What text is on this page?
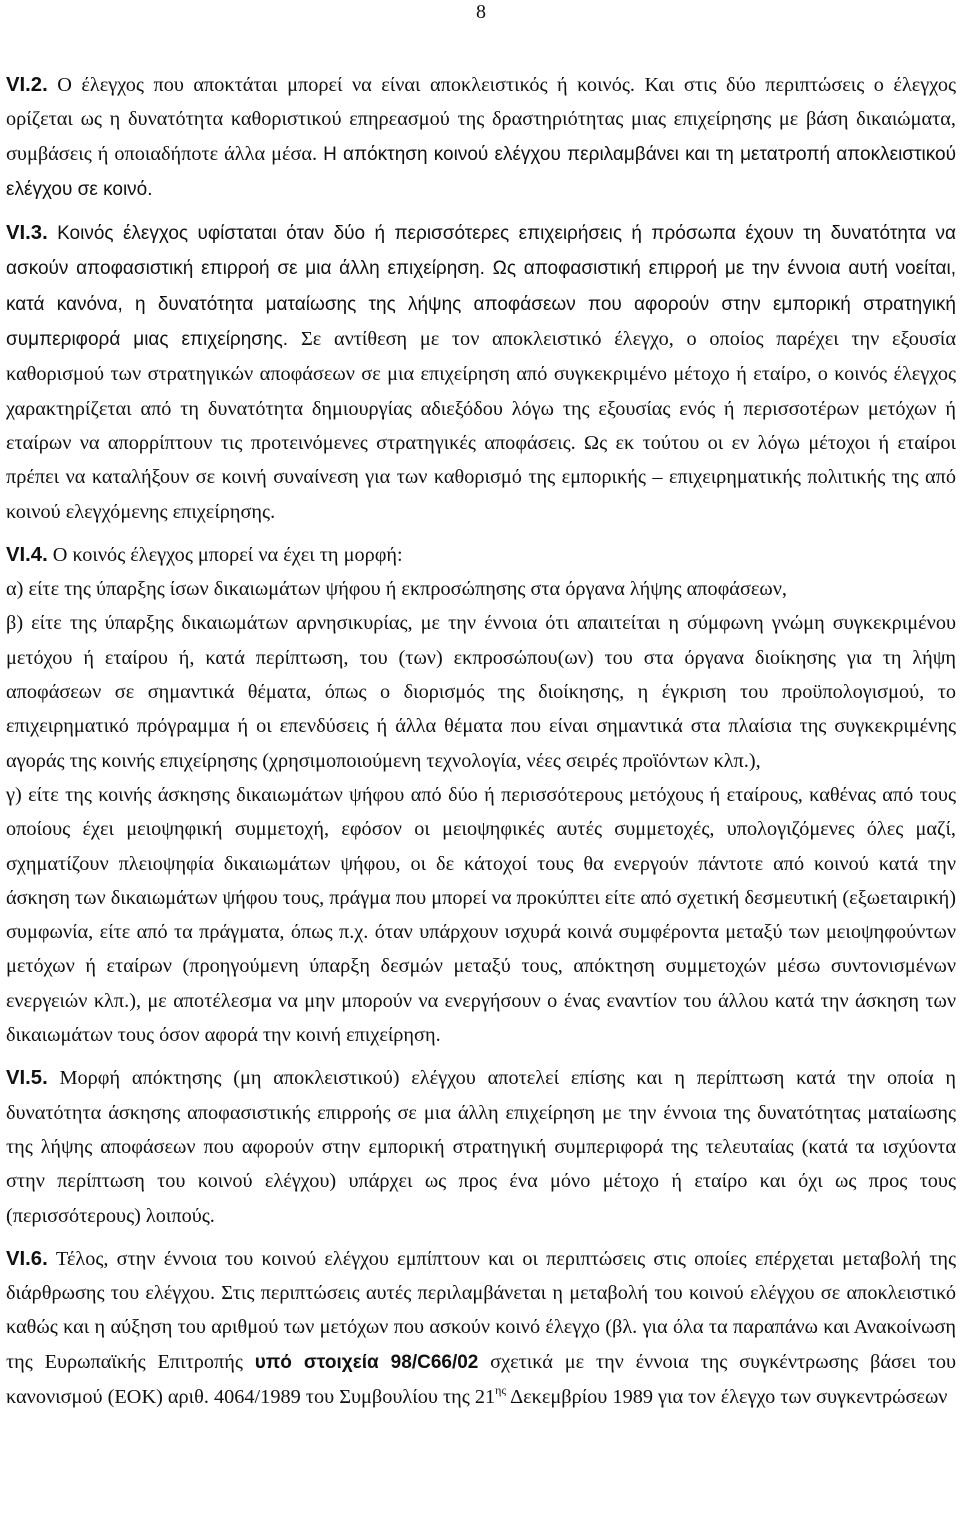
8

VI.2. Ο έλεγχος που αποκτάται μπορεί να είναι αποκλειστικός ή κοινός. Και στις δύο περιπτώσεις ο έλεγχος ορίζεται ως η δυνατότητα καθοριστικού επηρεασμού της δραστηριότητας μιας επιχείρησης με βάση δικαιώματα, συμβάσεις ή οποιαδήποτε άλλα μέσα. Η απόκτηση κοινού ελέγχου περιλαμβάνει και τη μετατροπή αποκλειστικού ελέγχου σε κοινό.

VI.3. Κοινός έλεγχος υφίσταται όταν δύο ή περισσότερες επιχειρήσεις ή πρόσωπα έχουν τη δυνατότητα να ασκούν αποφασιστική επιρροή σε μια άλλη επιχείρηση. Ως αποφασιστική επιρροή με την έννοια αυτή νοείται, κατά κανόνα, η δυνατότητα ματαίωσης της λήψης αποφάσεων που αφορούν στην εμπορική στρατηγική συμπεριφορά μιας επιχείρησης. Σε αντίθεση με τον αποκλειστικό έλεγχο, ο οποίος παρέχει την εξουσία καθορισμού των στρατηγικών αποφάσεων σε μια επιχείρηση από συγκεκριμένο μέτοχο ή εταίρο, ο κοινός έλεγχος χαρακτηρίζεται από τη δυνατότητα δημιουργίας αδιεξόδου λόγω της εξουσίας ενός ή περισσοτέρων μετόχων ή εταίρων να απορρίπτουν τις προτεινόμενες στρατηγικές αποφάσεις. Ως εκ τούτου οι εν λόγω μέτοχοι ή εταίροι πρέπει να καταλήξουν σε κοινή συναίνεση για των καθορισμό της εμπορικής – επιχειρηματικής πολιτικής της από κοινού ελεγχόμενης επιχείρησης.

VI.4. Ο κοινός έλεγχος μπορεί να έχει τη μορφή:

α) είτε της ύπαρξης ίσων δικαιωμάτων ψήφου ή εκπροσώπησης στα όργανα λήψης αποφάσεων,

β) είτε της ύπαρξης δικαιωμάτων αρνησικυρίας, με την έννοια ότι απαιτείται η σύμφωνη γνώμη συγκεκριμένου μετόχου ή εταίρου ή, κατά περίπτωση, του (των) εκπροσώπου(ων) του στα όργανα διοίκησης για τη λήψη αποφάσεων σε σημαντικά θέματα, όπως ο διορισμός της διοίκησης, η έγκριση του προϋπολογισμού, το επιχειρηματικό πρόγραμμα ή οι επενδύσεις ή άλλα θέματα που είναι σημαντικά στα πλαίσια της συγκεκριμένης αγοράς της κοινής επιχείρησης (χρησιμοποιούμενη τεχνολογία, νέες σειρές προϊόντων κλπ.),

γ) είτε της κοινής άσκησης δικαιωμάτων ψήφου από δύο ή περισσότερους μετόχους ή εταίρους, καθένας από τους οποίους έχει μειοψηφική συμμετοχή, εφόσον οι μειοψηφικές αυτές συμμετοχές, υπολογιζόμενες όλες μαζί, σχηματίζουν πλειοψηφία δικαιωμάτων ψήφου, οι δε κάτοχοί τους θα ενεργούν πάντοτε από κοινού κατά την άσκηση των δικαιωμάτων ψήφου τους, πράγμα που μπορεί να προκύπτει είτε από σχετική δεσμευτική (εξωεταιρική) συμφωνία, είτε από τα πράγματα, όπως π.χ. όταν υπάρχουν ισχυρά κοινά συμφέροντα μεταξύ των μειοψηφούντων μετόχων ή εταίρων (προηγούμενη ύπαρξη δεσμών μεταξύ τους, απόκτηση συμμετοχών μέσω συντονισμένων ενεργειών κλπ.), με αποτέλεσμα να μην μπορούν να ενεργήσουν ο ένας εναντίον του άλλου κατά την άσκηση των δικαιωμάτων τους όσον αφορά την κοινή επιχείρηση.

VI.5. Μορφή απόκτησης (μη αποκλειστικού) ελέγχου αποτελεί επίσης και η περίπτωση κατά την οποία η δυνατότητα άσκησης αποφασιστικής επιρροής σε μια άλλη επιχείρηση με την έννοια της δυνατότητας ματαίωσης της λήψης αποφάσεων που αφορούν στην εμπορική στρατηγική συμπεριφορά της τελευταίας (κατά τα ισχύοντα στην περίπτωση του κοινού ελέγχου) υπάρχει ως προς ένα μόνο μέτοχο ή εταίρο και όχι ως προς τους (περισσότερους) λοιπούς.

VI.6. Τέλος, στην έννοια του κοινού ελέγχου εμπίπτουν και οι περιπτώσεις στις οποίες επέρχεται μεταβολή της διάρθρωσης του ελέγχου. Στις περιπτώσεις αυτές περιλαμβάνεται η μεταβολή του κοινού ελέγχου σε αποκλειστικό καθώς και η αύξηση του αριθμού των μετόχων που ασκούν κοινό έλεγχο (βλ. για όλα τα παραπάνω και Ανακοίνωση της Ευρωπαϊκής Επιτροπής υπό στοιχεία 98/C66/02 σχετικά με την έννοια της συγκέντρωσης βάσει του κανονισμού (ΕΟΚ) αριθ. 4064/1989 του Συμβουλίου της $21^{\eta\varsigma}$ Δεκεμβρίου 1989 για τον έλεγχο των συγκεντρώσεων
